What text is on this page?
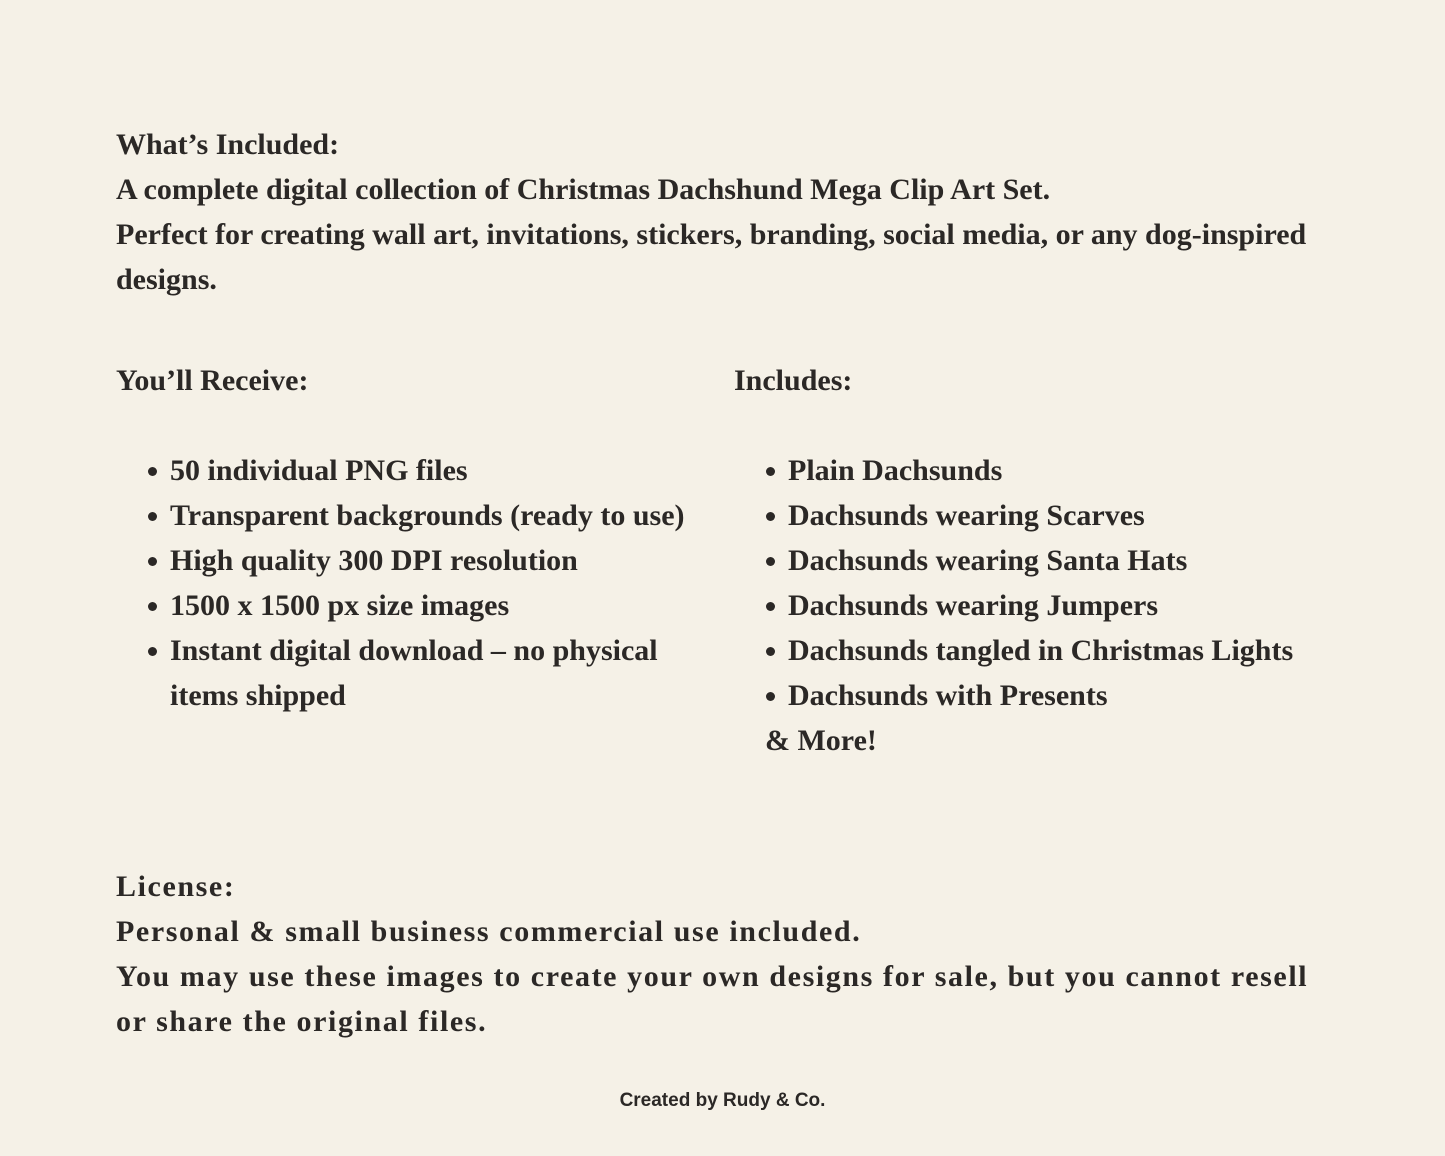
What’s Included:

A complete digital collection of Christmas Dachshund Mega Clip Art Set.

Perfect for creating wall art, invitations, stickers, branding, social media, or any dog-inspired designs.

You’ll Receive:
50 individual PNG files
Transparent backgrounds (ready to use)
High quality 300 DPI resolution
1500 x 1500 px size images
Instant digital download – no physical items shipped
Includes:
Plain Dachsunds
Dachsunds wearing Scarves
Dachsunds wearing Santa Hats
Dachsunds wearing Jumpers
Dachsunds tangled in Christmas Lights
Dachsunds with Presents

& More!

License:

Personal & small business commercial use included.

You may use these images to create your own designs for sale, but you cannot resell or share the original files.

Created by Rudy & Co.
